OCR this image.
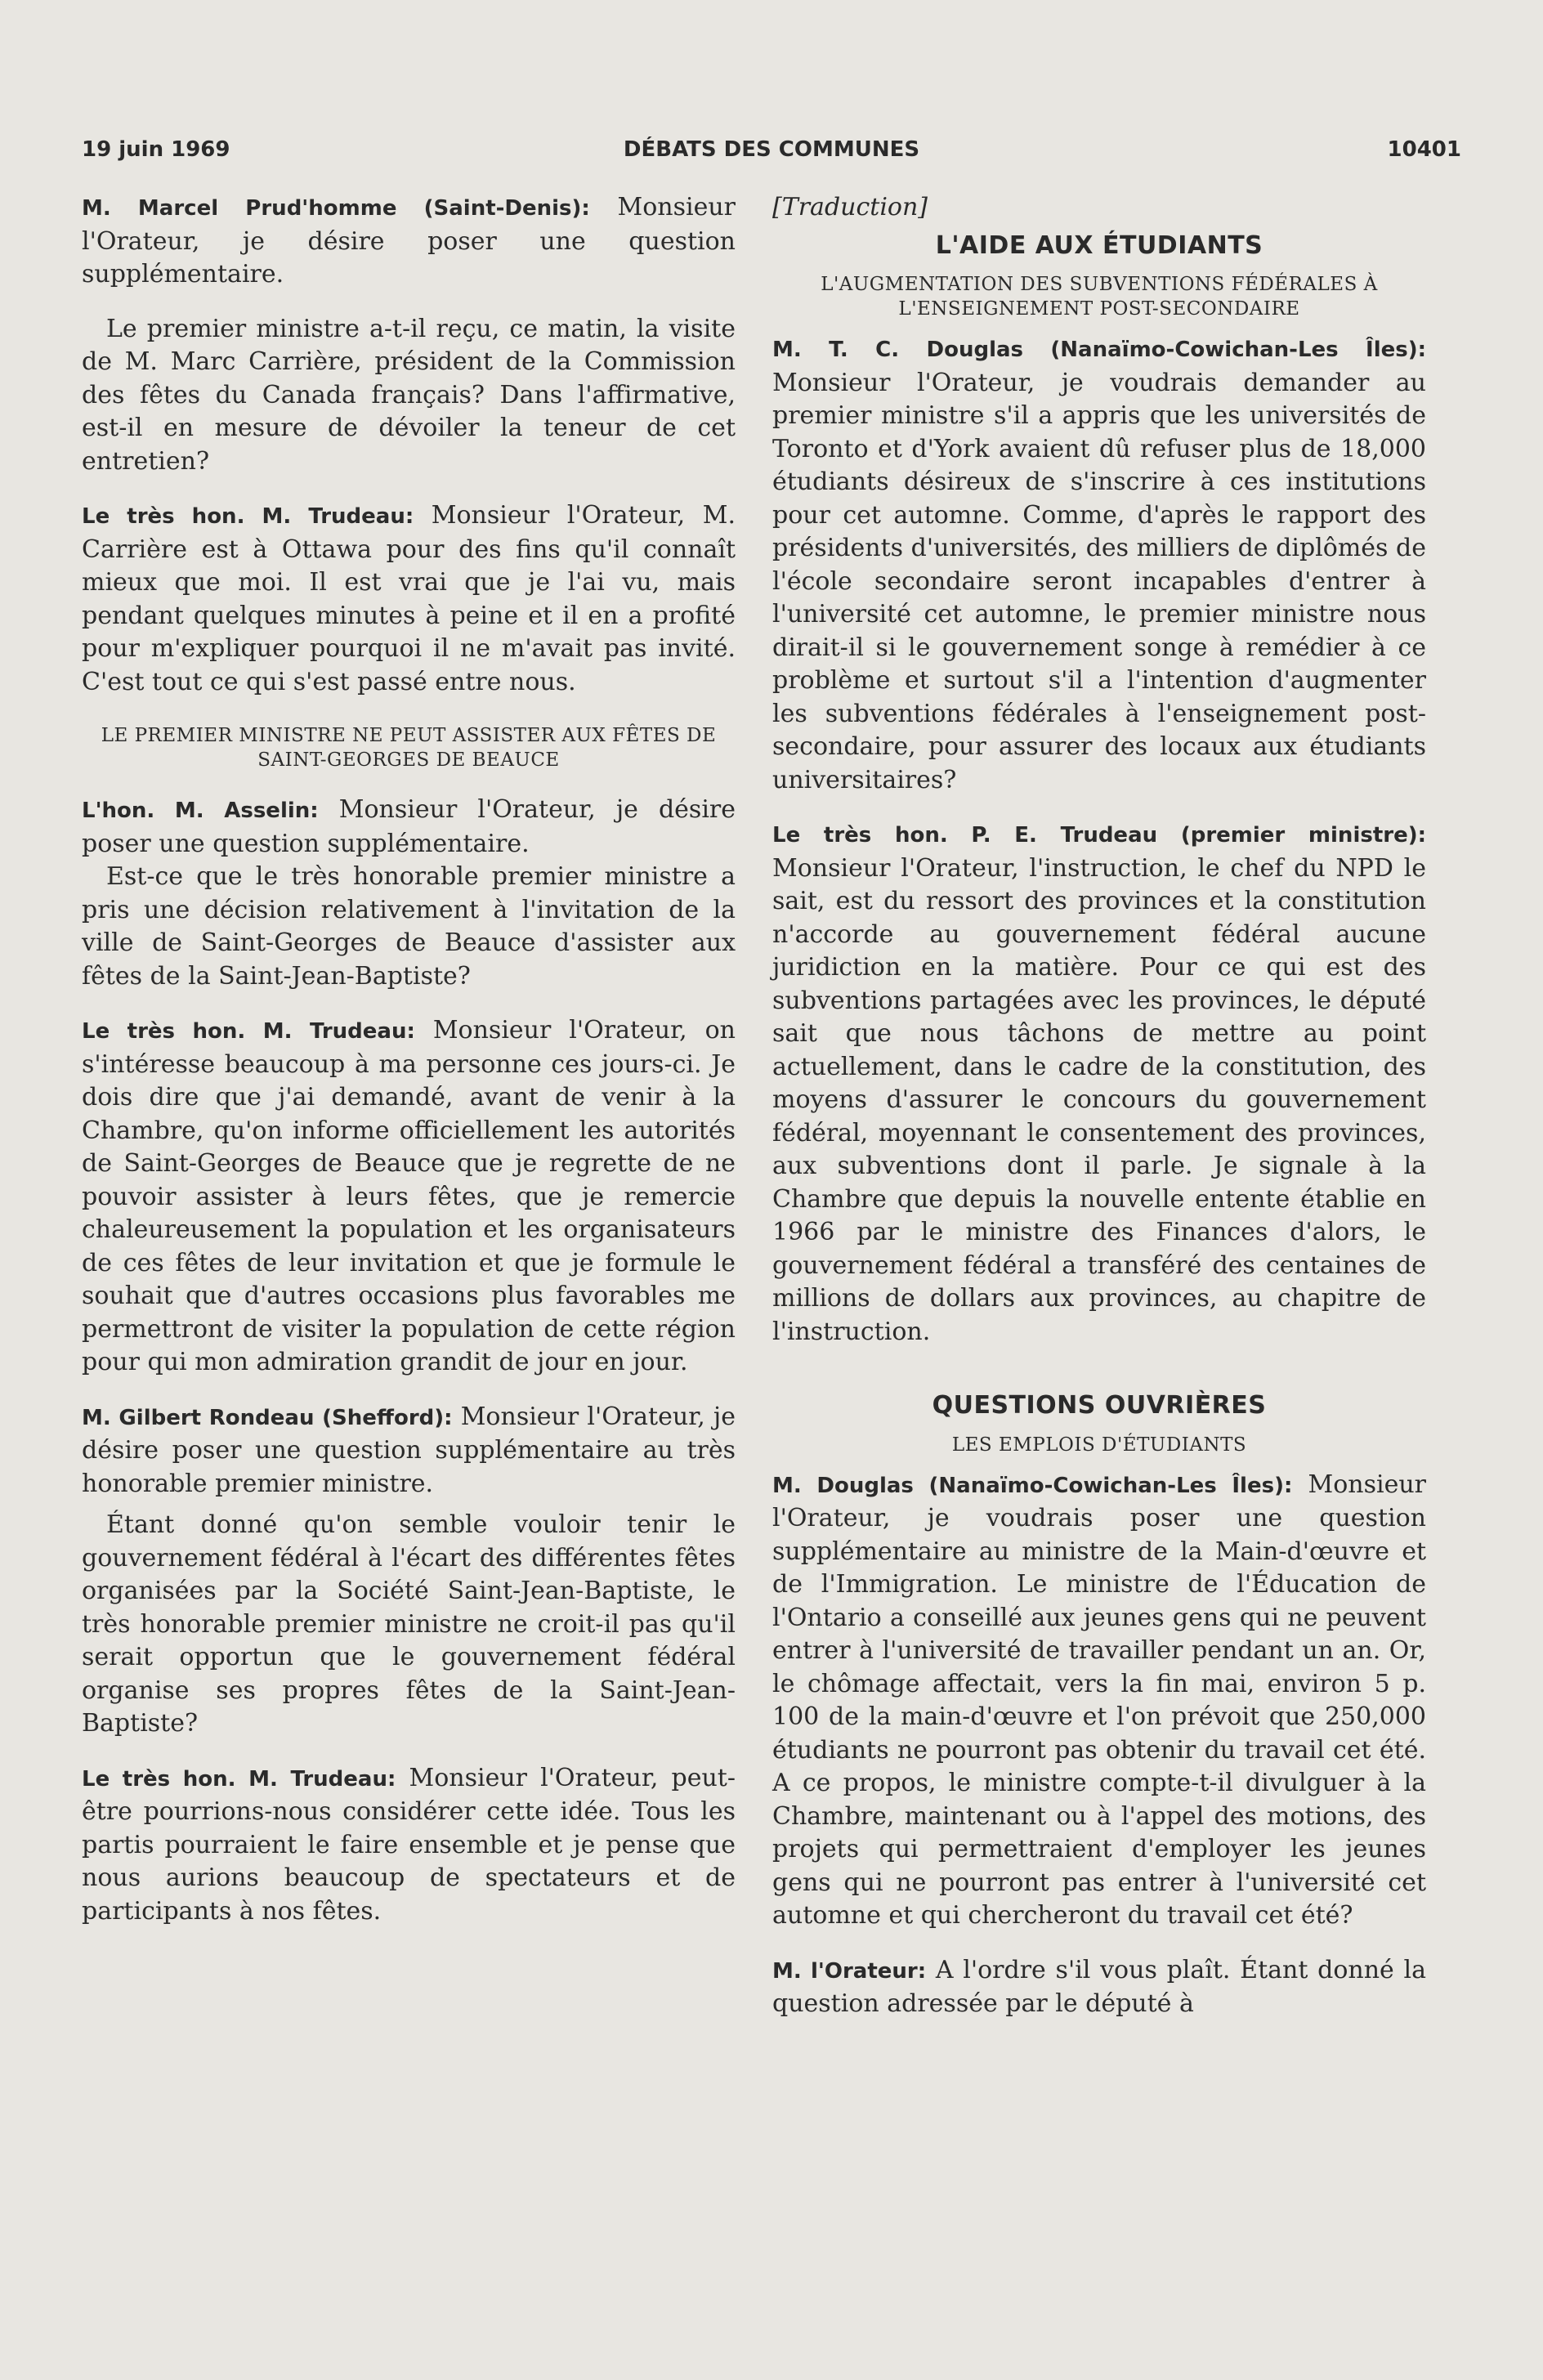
19 juin 1969	DÉBATS DES COMMUNES	10401

M. Marcel Prud'homme (Saint-Denis): Monsieur l'Orateur, je désire poser une question supplémentaire.

Le premier ministre a-t-il reçu, ce matin, la visite de M. Marc Carrière, président de la Commission des fêtes du Canada français? Dans l'affirmative, est-il en mesure de dévoiler la teneur de cet entretien?

Le très hon. M. Trudeau: Monsieur l'Orateur, M. Carrière est à Ottawa pour des fins qu'il connaît mieux que moi. Il est vrai que je l'ai vu, mais pendant quelques minutes à peine et il en a profité pour m'expliquer pourquoi il ne m'avait pas invité. C'est tout ce qui s'est passé entre nous.

LE PREMIER MINISTRE NE PEUT ASSISTER AUX FÊTES DE SAINT-GEORGES DE BEAUCE

L'hon. M. Asselin: Monsieur l'Orateur, je désire poser une question supplémentaire.

Est-ce que le très honorable premier ministre a pris une décision relativement à l'invitation de la ville de Saint-Georges de Beauce d'assister aux fêtes de la Saint-Jean-Baptiste?

Le très hon. M. Trudeau: Monsieur l'Orateur, on s'intéresse beaucoup à ma personne ces jours-ci. Je dois dire que j'ai demandé, avant de venir à la Chambre, qu'on informe officiellement les autorités de Saint-Georges de Beauce que je regrette de ne pouvoir assister à leurs fêtes, que je remercie chaleureusement la population et les organisateurs de ces fêtes de leur invitation et que je formule le souhait que d'autres occasions plus favorables me permettront de visiter la population de cette région pour qui mon admiration grandit de jour en jour.

M. Gilbert Rondeau (Shefford): Monsieur l'Orateur, je désire poser une question supplémentaire au très honorable premier ministre.

Étant donné qu'on semble vouloir tenir le gouvernement fédéral à l'écart des différentes fêtes organisées par la Société Saint-Jean-Baptiste, le très honorable premier ministre ne croit-il pas qu'il serait opportun que le gouvernement fédéral organise ses propres fêtes de la Saint-Jean-Baptiste?

Le très hon. M. Trudeau: Monsieur l'Orateur, peut-être pourrions-nous considérer cette idée. Tous les partis pourraient le faire ensemble et je pense que nous aurions beaucoup de spectateurs et de participants à nos fêtes.

[Traduction]

L'AIDE AUX ÉTUDIANTS
L'AUGMENTATION DES SUBVENTIONS FÉDÉRALES À L'ENSEIGNEMENT POST-SECONDAIRE

M. T. C. Douglas (Nanaïmo-Cowichan-Les Îles): Monsieur l'Orateur, je voudrais demander au premier ministre s'il a appris que les universités de Toronto et d'York avaient dû refuser plus de 18,000 étudiants désireux de s'inscrire à ces institutions pour cet automne. Comme, d'après le rapport des présidents d'universités, des milliers de diplômés de l'école secondaire seront incapables d'entrer à l'université cet automne, le premier ministre nous dirait-il si le gouvernement songe à remédier à ce problème et surtout s'il a l'intention d'augmenter les subventions fédérales à l'enseignement post-secondaire, pour assurer des locaux aux étudiants universitaires?

Le très hon. P. E. Trudeau (premier ministre): Monsieur l'Orateur, l'instruction, le chef du NPD le sait, est du ressort des provinces et la constitution n'accorde au gouvernement fédéral aucune juridiction en la matière. Pour ce qui est des subventions partagées avec les provinces, le député sait que nous tâchons de mettre au point actuellement, dans le cadre de la constitution, des moyens d'assurer le concours du gouvernement fédéral, moyennant le consentement des provinces, aux subventions dont il parle. Je signale à la Chambre que depuis la nouvelle entente établie en 1966 par le ministre des Finances d'alors, le gouvernement fédéral a transféré des centaines de millions de dollars aux provinces, au chapitre de l'instruction.

QUESTIONS OUVRIÈRES
LES EMPLOIS D'ÉTUDIANTS

M. Douglas (Nanaïmo-Cowichan-Les Îles): Monsieur l'Orateur, je voudrais poser une question supplémentaire au ministre de la Main-d'œuvre et de l'Immigration. Le ministre de l'Éducation de l'Ontario a conseillé aux jeunes gens qui ne peuvent entrer à l'université de travailler pendant un an. Or, le chômage affectait, vers la fin mai, environ 5 p. 100 de la main-d'œuvre et l'on prévoit que 250,000 étudiants ne pourront pas obtenir du travail cet été. A ce propos, le ministre compte-t-il divulguer à la Chambre, maintenant ou à l'appel des motions, des projets qui permettraient d'employer les jeunes gens qui ne pourront pas entrer à l'université cet automne et qui chercheront du travail cet été?

M. l'Orateur: A l'ordre s'il vous plaît. Étant donné la question adressée par le député à
